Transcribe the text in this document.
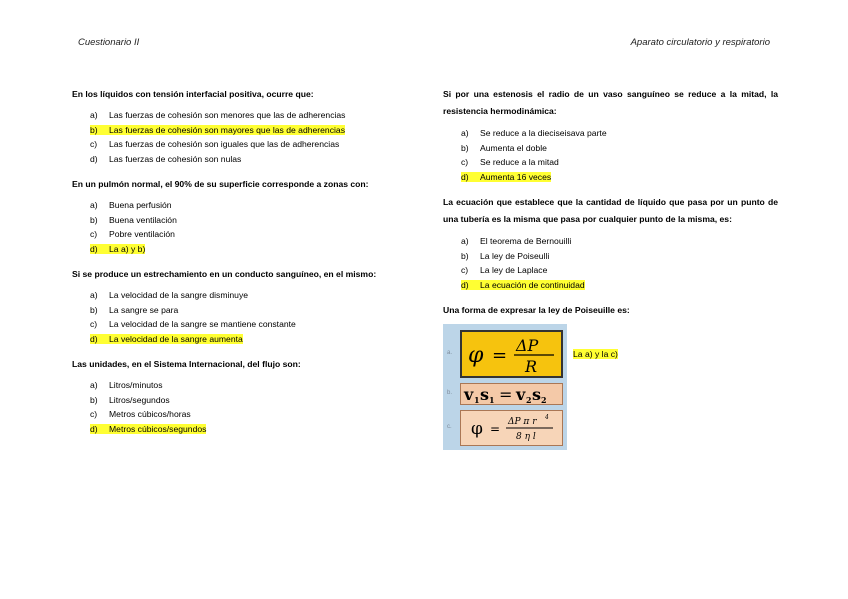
Cuestionario II	Aparato circulatorio y respiratorio

En los líquidos con tensión interfacial positiva, ocurre que:

a) Las fuerzas de cohesión son menores que las de adherencias
b) Las fuerzas de cohesión son mayores que las de adherencias
c) Las fuerzas de cohesión son iguales que las de adherencias
d) Las fuerzas de cohesión son nulas

En un pulmón normal, el 90% de su superficie corresponde a zonas con:

a) Buena perfusión
b) Buena ventilación
c) Pobre ventilación
d) La a) y b)

Si se produce un estrechamiento en un conducto sanguíneo, en el mismo:

a) La velocidad de la sangre disminuye
b) La sangre se para
c) La velocidad de la sangre se mantiene constante
d) La velocidad de la sangre aumenta

Las unidades, en el Sistema Internacional, del flujo son:

a) Litros/minutos
b) Litros/segundos
c) Metros cúbicos/horas
d) Metros cúbicos/segundos

Si por una estenosis el radio de un vaso sanguíneo se reduce a la mitad, la resistencia hermodinámica:

a) Se reduce a la dieciseisava parte
b) Aumenta el doble
c) Se reduce a la mitad
d) Aumenta 16 veces

La ecuación que establece que la cantidad de líquido que pasa por un punto de una tubería es la misma que pasa por cualquier punto de la misma, es:

a) El teorema de Bernouilli
b) La ley de Poiseulli
c) La ley de Laplace
d) La ecuación de continuidad

Una forma de expresar la ley de Poiseuille es:

a.
b.
c.
φ = ΔP
R
v 1 s 1 = v 2 s 2
φ = ΔP π r 4
8 η l
La a) y la c)
